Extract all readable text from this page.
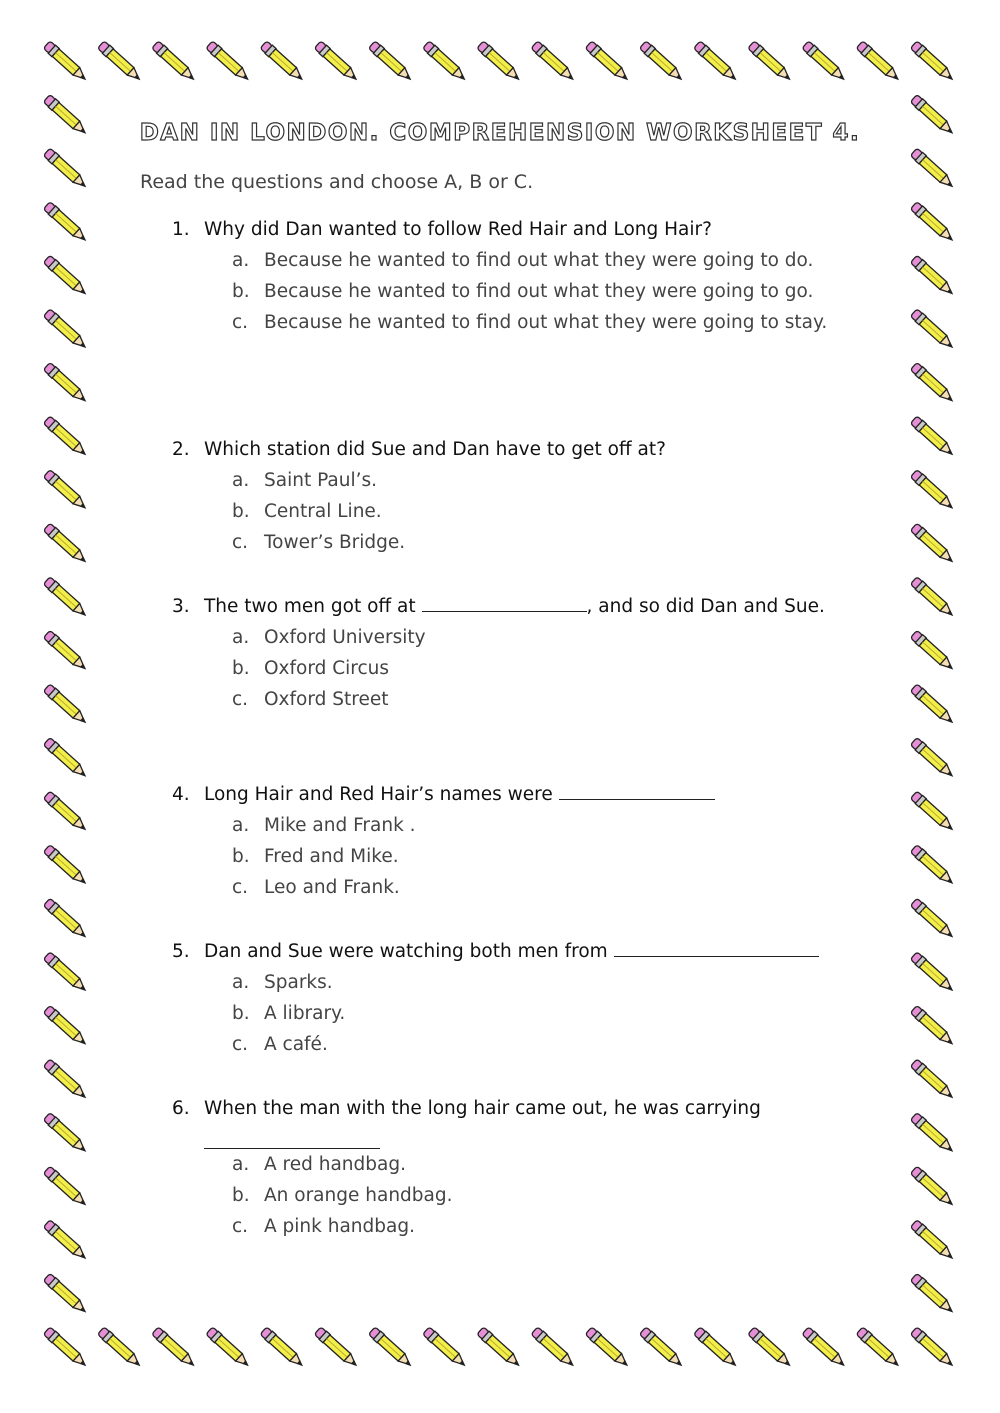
DAN IN LONDON. COMPREHENSION WORKSHEET 4.
Read the questions and choose A, B or C.
1. Why did Dan wanted to follow Red Hair and Long Hair?
a. Because he wanted to find out what they were going to do.
b. Because he wanted to find out what they were going to go.
c. Because he wanted to find out what they were going to stay.
2. Which station did Sue and Dan have to get off at?
a. Saint Paul’s.
b. Central Line.
c. Tower’s Bridge.
3. The two men got off at	, and so did Dan and Sue.
a. Oxford University
b. Oxford Circus
c. Oxford Street
4. Long Hair and Red Hair’s names were
a. Mike and Frank .
b. Fred and Mike.
c. Leo and Frank.
5. Dan and Sue were watching both men from
a. Sparks.
b. A library.
c. A café.
6. When the man with the long hair came out, he was carrying
a. A red handbag.
b. An orange handbag.
c. A pink handbag.
